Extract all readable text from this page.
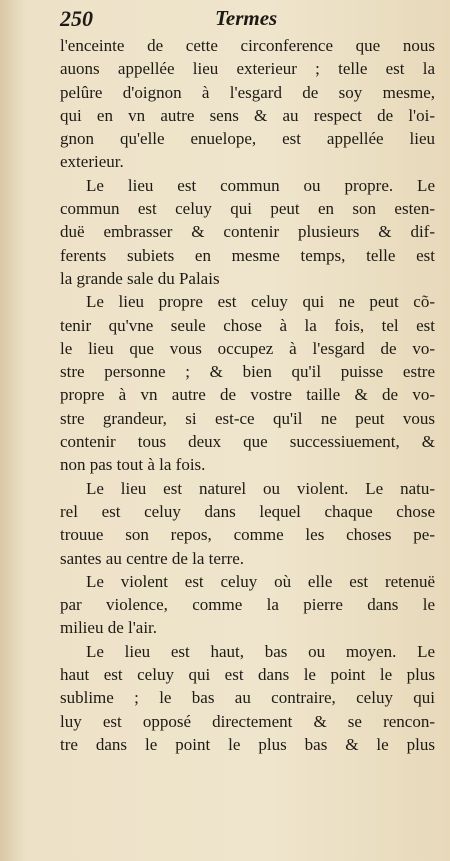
250	Termes
l'enceinte de cette circonference que nous
auons appellée lieu exterieur ; telle est la
pelûre d'oignon à l'esgard de soy mesme,
qui en vn autre sens & au respect de l'oi-
gnon qu'elle enuelope, est appellée lieu
exterieur.
Le lieu est commun ou propre. Le
commun est celuy qui peut en son esten-
duë embrasser & contenir plusieurs & dif-
ferents subiets en mesme temps, telle est
la grande sale du Palais
Le lieu propre est celuy qui ne peut cõ-
tenir qu'vne seule chose à la fois, tel est
le lieu que vous occupez à l'esgard de vo-
stre personne ; & bien qu'il puisse estre
propre à vn autre de vostre taille & de vo-
stre grandeur, si est-ce qu'il ne peut vous
contenir tous deux que successiuement, &
non pas tout à la fois.
Le lieu est naturel ou violent. Le natu-
rel est celuy dans lequel chaque chose
trouue son repos, comme les choses pe-
santes au centre de la terre.
Le violent est celuy où elle est retenuë
par violence, comme la pierre dans le
milieu de l'air.
Le lieu est haut, bas ou moyen. Le
haut est celuy qui est dans le point le plus
sublime ; le bas au contraire, celuy qui
luy est opposé directement & se rencon-
tre dans le point le plus bas & le plus
